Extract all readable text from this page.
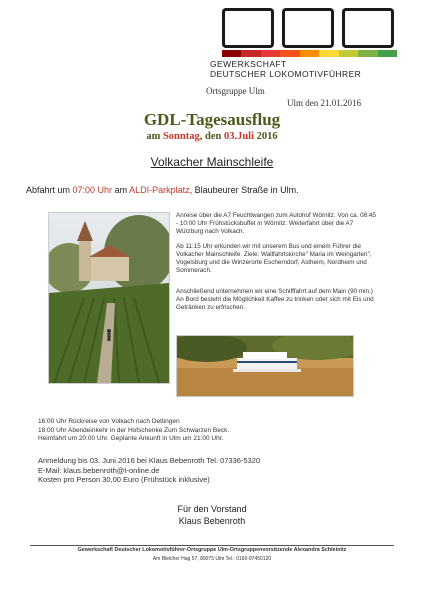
GEWERKSCHAFT
DEUTSCHER LOKOMOTIVFÜHRER
Ortsgruppe Ulm
Ulm den 21.01.2016
GDL-Tagesausflug
am Sonntag, den 03.Juli 2016
Volkacher Mainschleife
Abfahrt um 07:00 Uhr am ALDI-Parkplatz, Blaubeurer Straße in Ulm.
Anreise über die A7 Feuchtwangen zum Autohof Wörnitz. Von ca. 08:45 - 10:00 Uhr Frühstücksbuffet in Wörnitz. Weiterfahrt über die A7 Würzburg nach Volkach.
Ab 11:15 Uhr erkunden wir mit unserem Bus und einem Führer die Volkacher Mainschleife. Ziele: Wallfahrtskirche" Maria im Weingarten", Vogelsburg und die Winzerorte Escherndorf, Astheim, Nordheim und Sommerach.
Anschließend unternehmen wir eine Schifffahrt auf dem Main (90 min.) An Bord besteht die Möglichkeit Kaffee zu trinken oder sich mit Eis und Getränken zu erfrischen.
16:00 Uhr Rückreise von Volkach nach Dettingen
18:00 Uhr Abendeinkehr in der Hofschenke Zum Schwarzen Beck.
Heimfahrt um 20:00 Uhr. Geplante Ankunft in Ulm um 21:00 Uhr.
Anmeldung bis 03. Juni 2016 bei Klaus Bebenroth Tel. 07336-5320
E-Mail: klaus.bebenroth@t-online.de
Kosten pro Person 30,00 Euro (Frühstück inklusive)
Für den Vorstand
Klaus Bebenroth
Gewerkschaft Deutscher Lokomotivführer-Ortsgruppe Ulm-Ortsgruppenvorsitzende Alexandra Schleinitz
Am Bleicher Hag 57, 89075 Ulm Tel.: 0160-97450120
